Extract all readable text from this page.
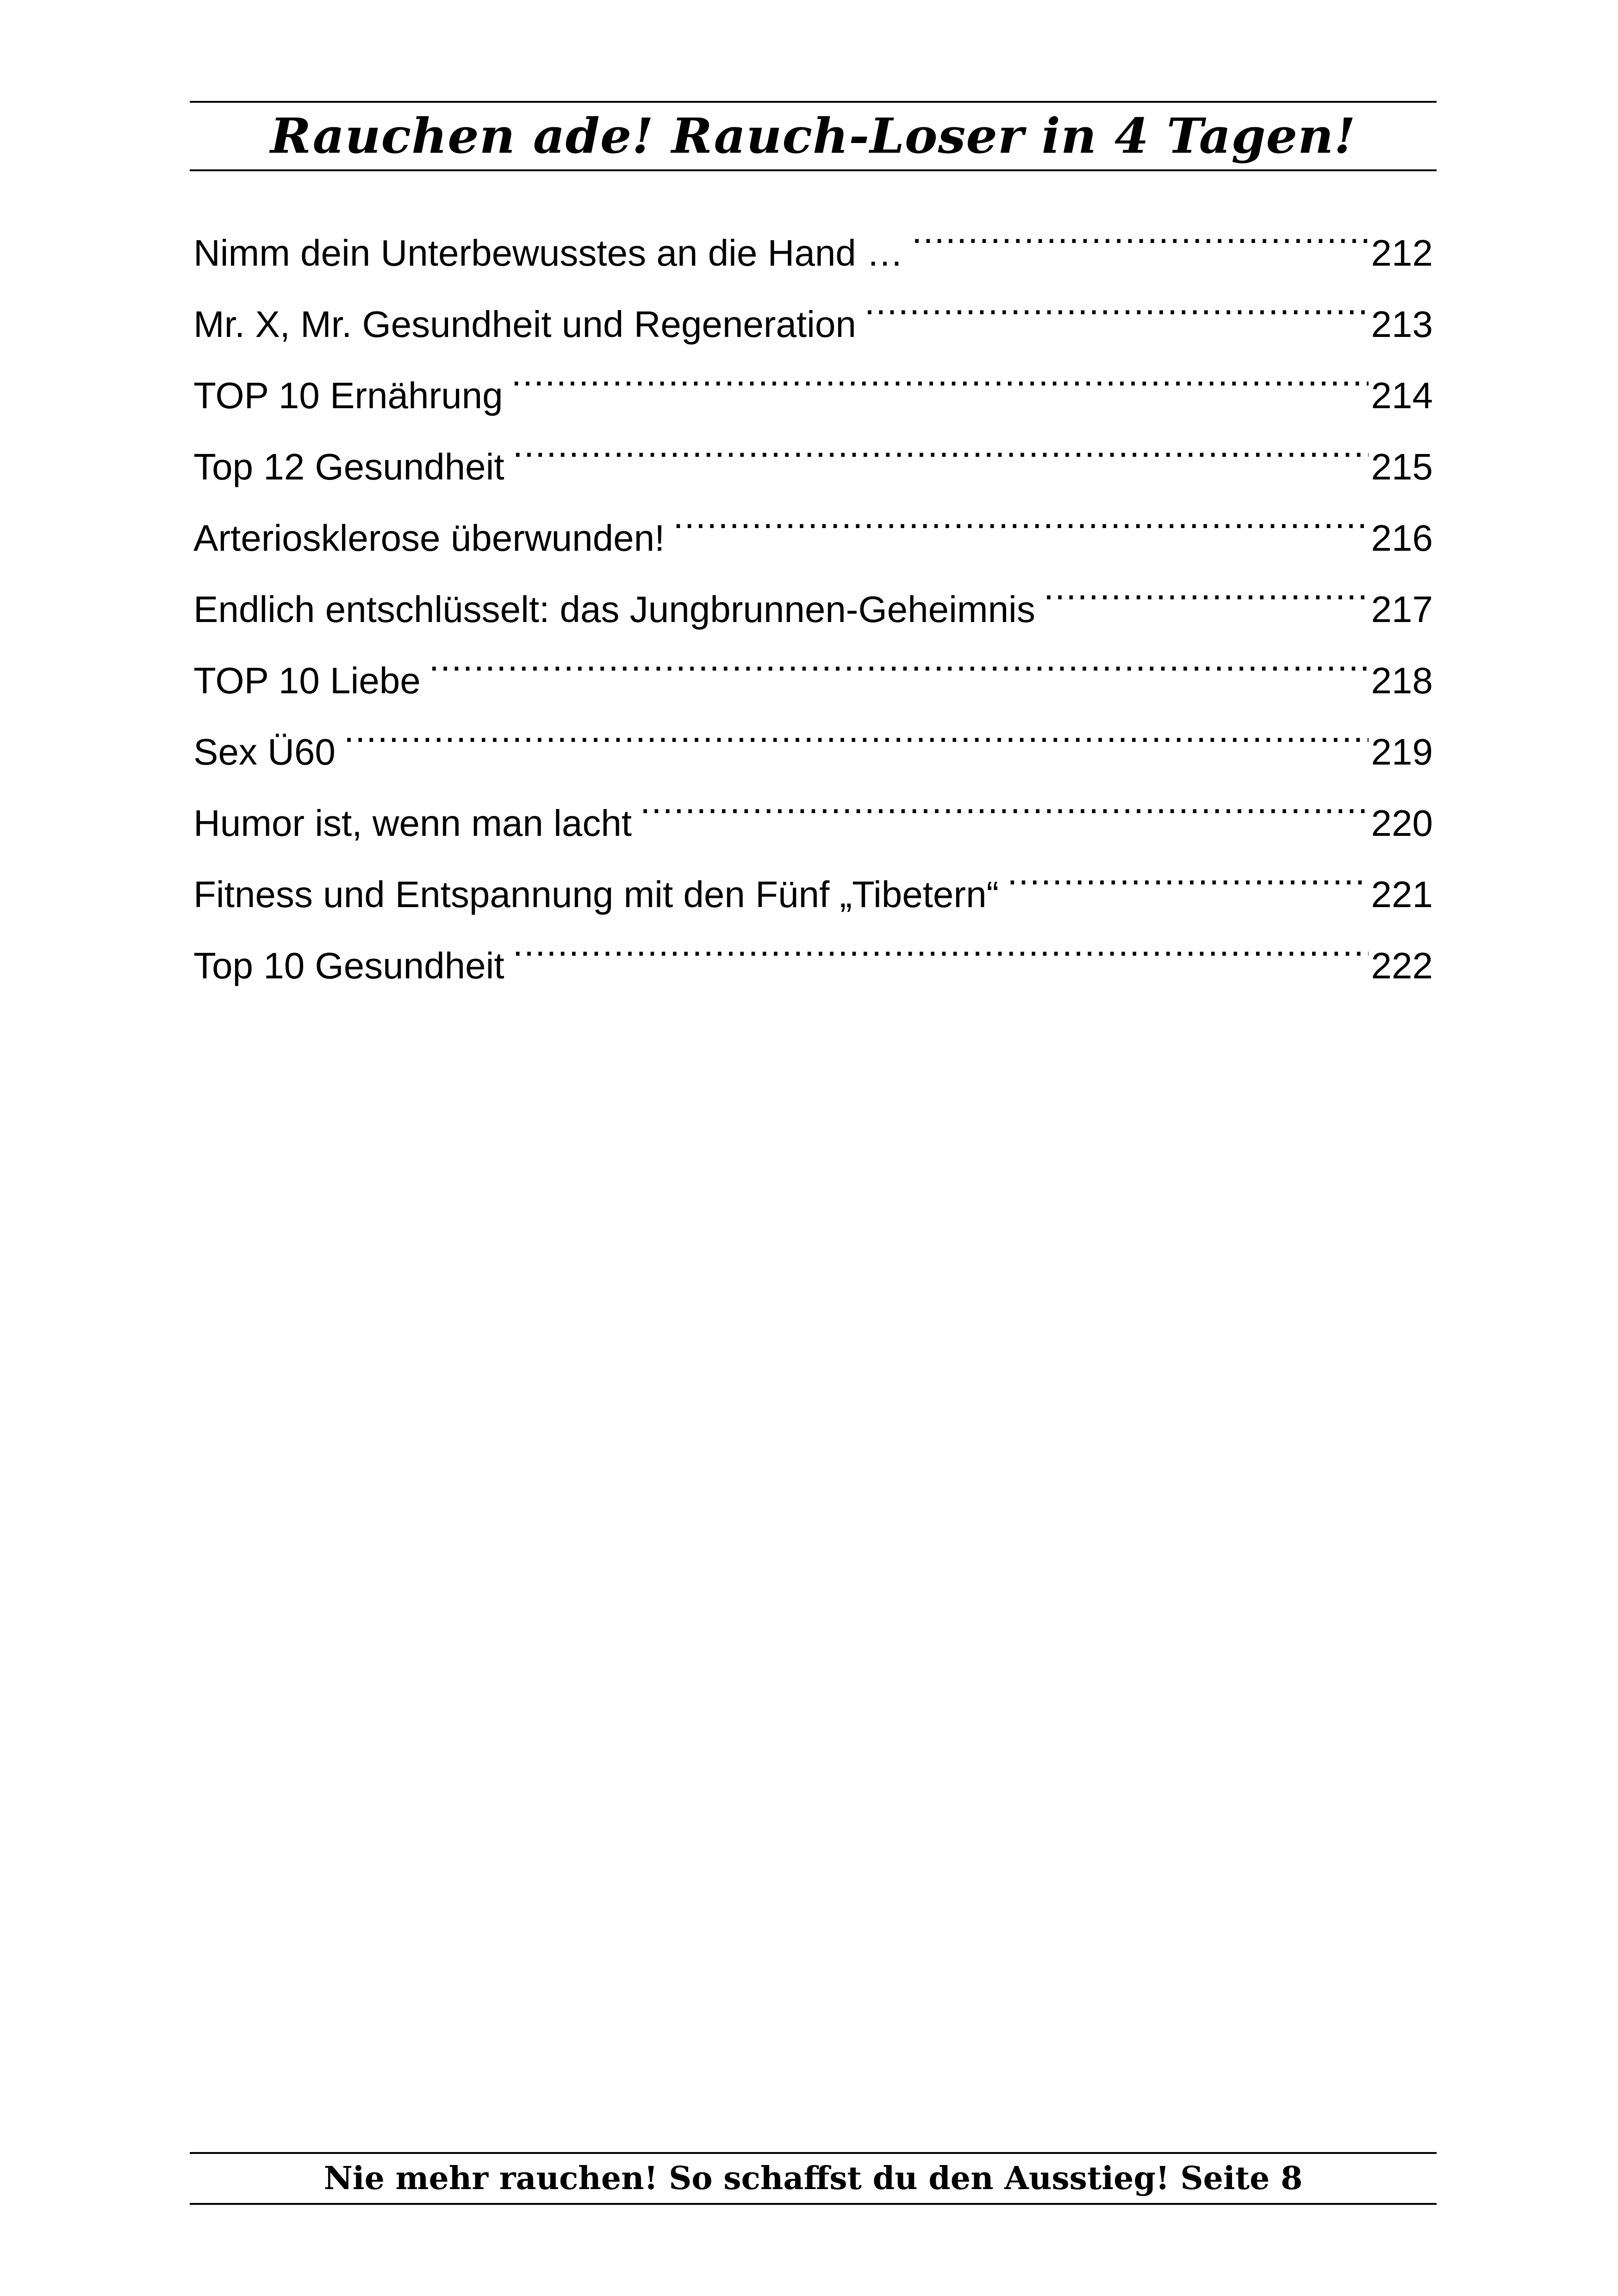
Rauchen ade! Rauch-Loser in 4 Tagen!
Nimm dein Unterbewusstes an die Hand … .....	212
Mr. X, Mr. Gesundheit und Regeneration .....	213
TOP 10 Ernährung .....	214
Top 12 Gesundheit .....	215
Arteriosklerose überwunden! .....	216
Endlich entschlüsselt: das Jungbrunnen-Geheimnis .....	217
TOP 10 Liebe .....	218
Sex Ü60 .....	219
Humor ist, wenn man lacht .....	220
Fitness und Entspannung mit den Fünf „Tibetern“ .....	221
Top 10 Gesundheit .....	222
Nie mehr rauchen! So schaffst du den Ausstieg! Seite 8
